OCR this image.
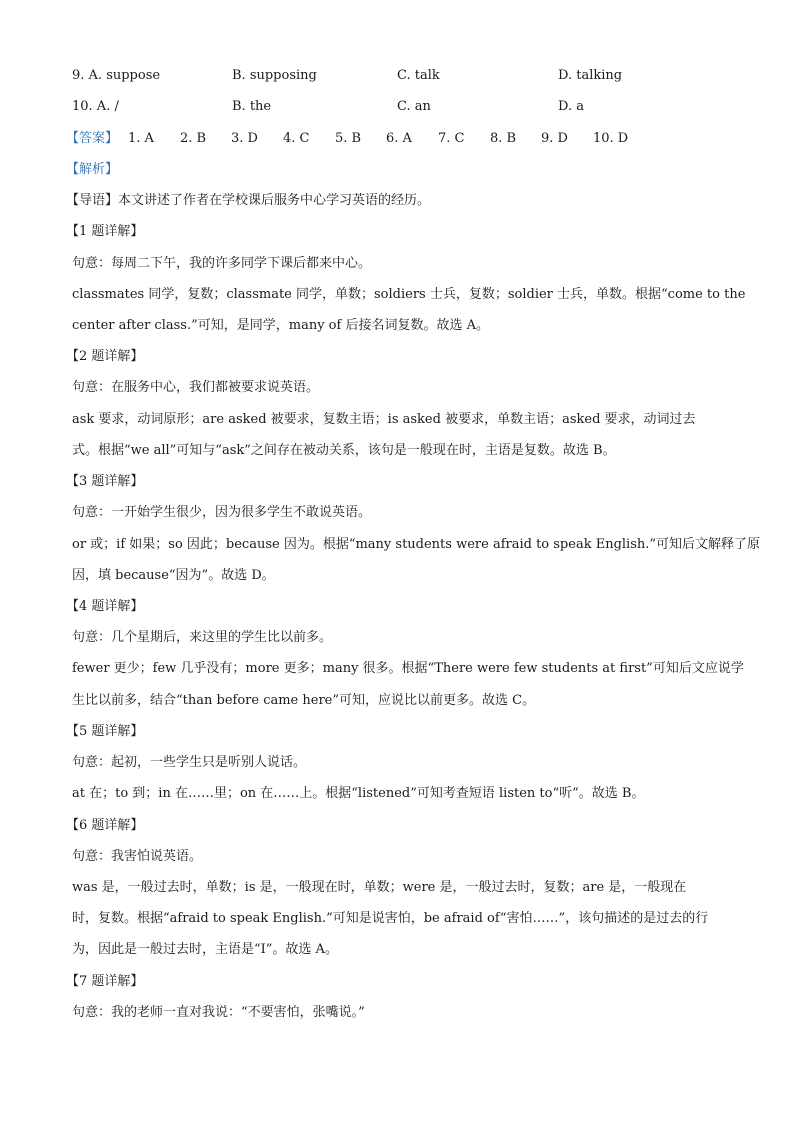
9. A. suppose	B. supposing	C. talk	D. talking
10. A. /	B. the	C. an	D. a
【答案】 1. A 2. B 3. D 4. C 5. B 6. A 7. C 8. B 9. D 10. D
【解析】
【导语】本文讲述了作者在学校课后服务中心学习英语的经历。
【1 题详解】
句意：每周二下午，我的许多同学下课后都来中心。
classmates 同学，复数；classmate 同学，单数；soldiers 士兵，复数；soldier 士兵，单数。根据“come to the
center after class.”可知，是同学，many of 后接名词复数。故选 A。
【2 题详解】
句意：在服务中心，我们都被要求说英语。
ask 要求，动词原形；are asked 被要求，复数主语；is asked 被要求，单数主语；asked 要求，动词过去
式。根据“we all”可知与“ask”之间存在被动关系，该句是一般现在时，主语是复数。故选 B。
【3 题详解】
句意：一开始学生很少，因为很多学生不敢说英语。
or 或；if 如果；so 因此；because 因为。根据“many students were afraid to speak English.”可知后文解释了原
因，填 because“因为”。故选 D。
【4 题详解】
句意：几个星期后，来这里的学生比以前多。
fewer 更少；few 几乎没有；more 更多；many 很多。根据“There were few students at first”可知后文应说学
生比以前多，结合“than before came here”可知，应说比以前更多。故选 C。
【5 题详解】
句意：起初，一些学生只是听别人说话。
at 在；to 到；in 在……里；on 在……上。根据“listened”可知考查短语 listen to“听”。故选 B。
【6 题详解】
句意：我害怕说英语。
was 是，一般过去时，单数；is 是，一般现在时，单数；were 是，一般过去时，复数；are 是，一般现在
时，复数。根据“afraid to speak English.”可知是说害怕，be afraid of“害怕……”，该句描述的是过去的行
为，因此是一般过去时，主语是“I”。故选 A。
【7 题详解】
句意：我的老师一直对我说：“不要害怕，张嘴说。”
